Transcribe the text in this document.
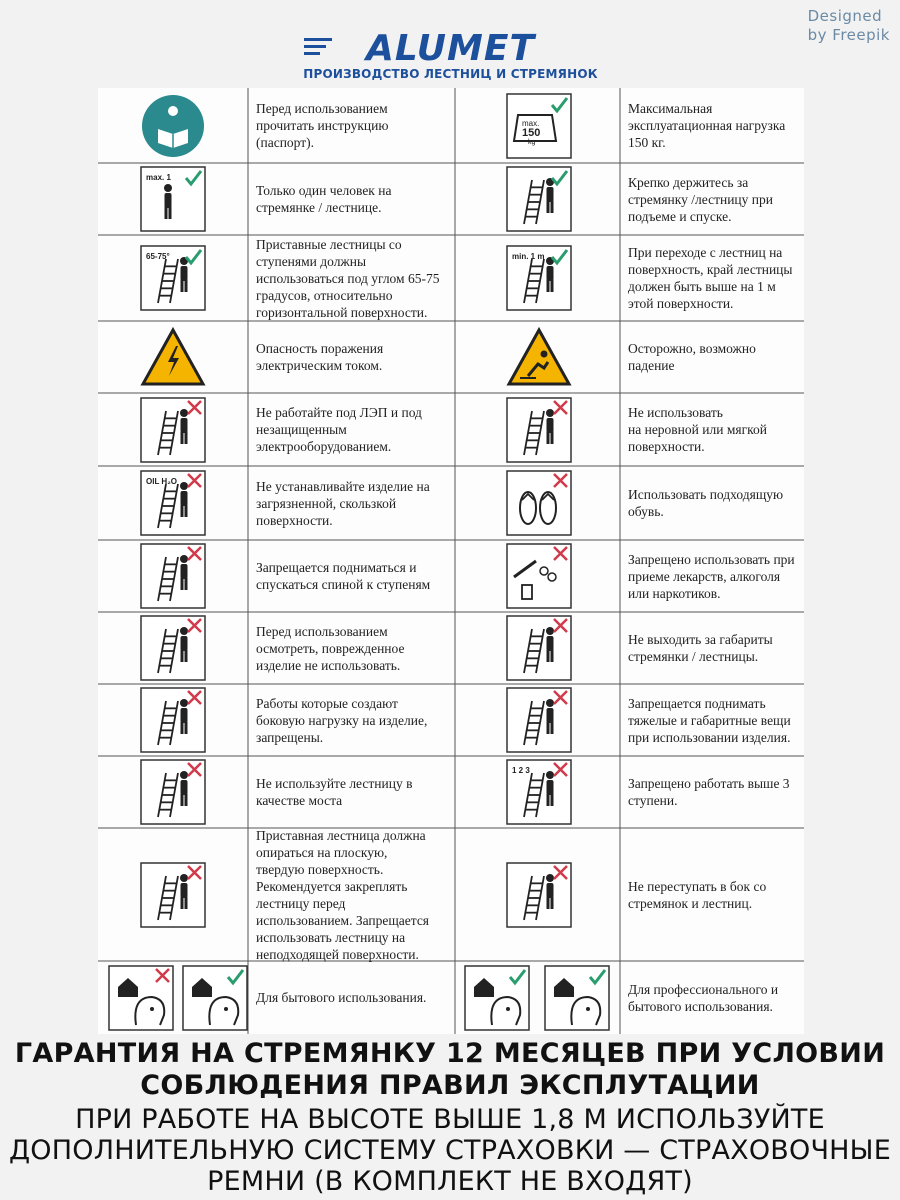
Designed
by Freepik
ALUMET
ПРОИЗВОДСТВО ЛЕСТНИЦ И СТРЕМЯНОК
Перед использованием
прочитать инструкцию
(паспорт).
Максимальная
эксплуатационная нагрузка
150 кг.
max.
150
kg
Только один человек на
стремянке / лестнице.
max. 1	Крепко держитесь за
стремянку /лестницу при
подъеме и спуске.
Приставные лестницы со
ступенями должны
использоваться под углом 65-75
градусов, относительно
горизонтальной поверхности.
65-75°	При переходе с лестниц на
поверхность, край лестницы
должен быть выше на 1 м
этой поверхности.
min. 1 m
Опасность поражения
электрическим током.
Осторожно, возможно
падение
Не работайте под ЛЭП и под
незащищенным
электрооборудованием.
Не использовать
на неровной или мягкой
поверхности.
Не устанавливайте изделие на
загрязненной, скользкой
поверхности.
OIL H₂O
Использовать подходящую
обувь.
Запрещается подниматься и
спускаться спиной к ступеням
Запрещено использовать при
приеме лекарств, алкоголя
или наркотиков.
Перед использованием
осмотреть, поврежденное
изделие не использовать.
Не выходить за габариты
стремянки / лестницы.
Работы которые создают
боковую нагрузку на изделие,
запрещены.
Запрещается поднимать
тяжелые и габаритные вещи
при использовании изделия.
Не используйте лестницу в
качестве моста
Запрещено работать выше 3
ступени.
1 2 3
Приставная лестница должна
опираться на плоскую,
твердую поверхность.
Рекомендуется закреплять
лестницу перед
использованием. Запрещается
использовать лестницу на
неподходящей поверхности.
Не переступать в бок со
стремянок и лестниц.
Для бытового использования.
Для профессионального и
бытового использования.
ГАРАНТИЯ НА СТРЕМЯНКУ 12 МЕСЯЦЕВ ПРИ УСЛОВИИ
СОБЛЮДЕНИЯ ПРАВИЛ ЭКСПЛУТАЦИИ
ПРИ РАБОТЕ НА ВЫСОТЕ ВЫШЕ 1,8 М ИСПОЛЬЗУЙТЕ
ДОПОЛНИТЕЛЬНУЮ СИСТЕМУ СТРАХОВКИ — СТРАХОВОЧНЫЕ
РЕМНИ (В КОМПЛЕКТ НЕ ВХОДЯТ)
